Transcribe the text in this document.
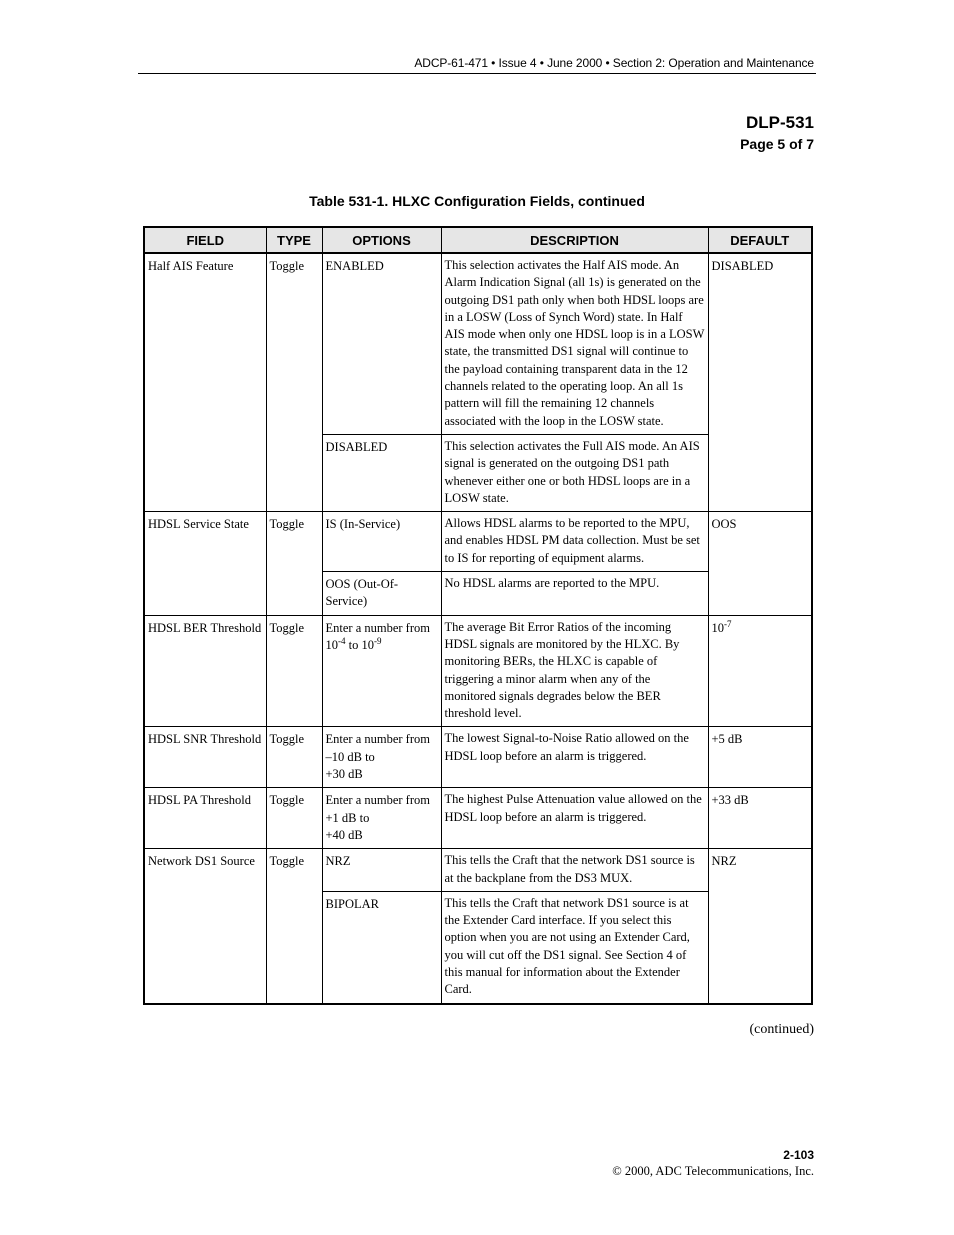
ADCP-61-471 • Issue 4 • June 2000 • Section 2: Operation and Maintenance
DLP-531
Page 5 of 7
Table 531-1. HLXC Configuration Fields, continued
FIELD	TYPE	OPTIONS	DESCRIPTION	DEFAULT
Half AIS Feature	Toggle	ENABLED	This selection activates the Half AIS mode. An Alarm Indication Signal (all 1s) is generated on the outgoing DS1 path only when both HDSL loops are in a LOSW (Loss of Synch Word) state. In Half AIS mode when only one HDSL loop is in a LOSW state, the transmitted DS1 signal will continue to the payload containing transparent data in the 12 channels related to the operating loop. An all 1s pattern will fill the remaining 12 channels associated with the loop in the LOSW state.	DISABLED
		DISABLED	This selection activates the Full AIS mode. An AIS signal is generated on the outgoing DS1 path whenever either one or both HDSL loops are in a LOSW state.	
HDSL Service State	Toggle	IS (In-Service)	Allows HDSL alarms to be reported to the MPU, and enables HDSL PM data collection. Must be set to IS for reporting of equipment alarms.	OOS
		OOS (Out-Of-Service)	No HDSL alarms are reported to the MPU.	
HDSL BER Threshold	Toggle	Enter a number from $10^{-4}$ to $10^{-9}$	The average Bit Error Ratios of the incoming HDSL signals are monitored by the HLXC. By monitoring BERs, the HLXC is capable of triggering a minor alarm when any of the monitored signals degrades below the BER threshold level.	$10^{-7}$
HDSL SNR Threshold	Toggle	Enter a number from
–10 dB to
+30 dB	The lowest Signal-to-Noise Ratio allowed on the HDSL loop before an alarm is triggered.	+5 dB
HDSL PA Threshold	Toggle	Enter a number from
+1 dB to
+40 dB	The highest Pulse Attenuation value allowed on the HDSL loop before an alarm is triggered.	+33 dB
Network DS1 Source	Toggle	NRZ	This tells the Craft that the network DS1 source is at the backplane from the DS3 MUX.	NRZ
		BIPOLAR	This tells the Craft that network DS1 source is at the Extender Card interface. If you select this option when you are not using an Extender Card, you will cut off the DS1 signal. See Section 4 of this manual for information about the Extender Card.	
(continued)
2-103
© 2000, ADC Telecommunications, Inc.
